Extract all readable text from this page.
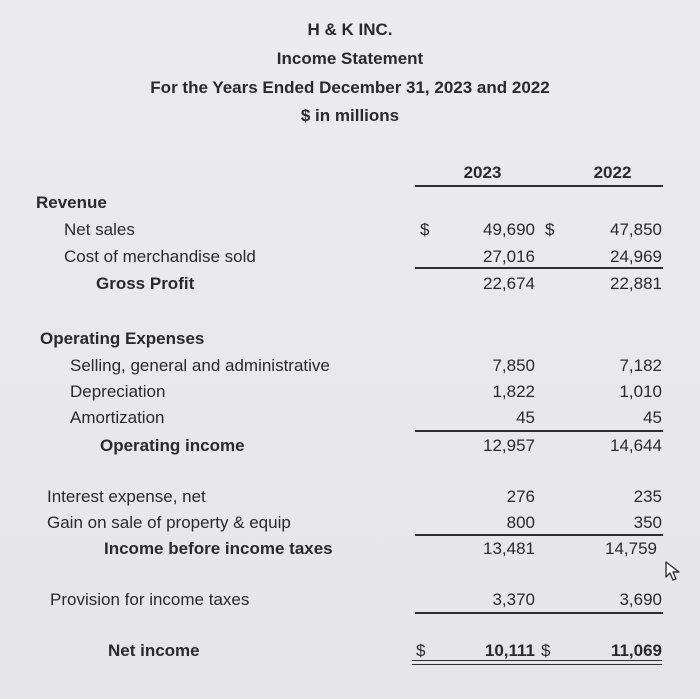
H & K INC.
Income Statement
For the Years Ended December 31, 2023 and 2022
$ in millions
2023	2022
Revenue
Net sales	$	49,690 $	47,850
Cost of merchandise sold	27,016	24,969
Gross Profit	22,674	22,881
Operating Expenses
Selling, general and administrative	7,850	7,182
Depreciation	1,822	1,010
Amortization	45	45
Operating income	12,957	14,644
Interest expense, net	276	235
Gain on sale of property & equip	800	350
Income before income taxes	13,481	14,759
Provision for income taxes	3,370	3,690
Net income	$	10,111 $	11,069
